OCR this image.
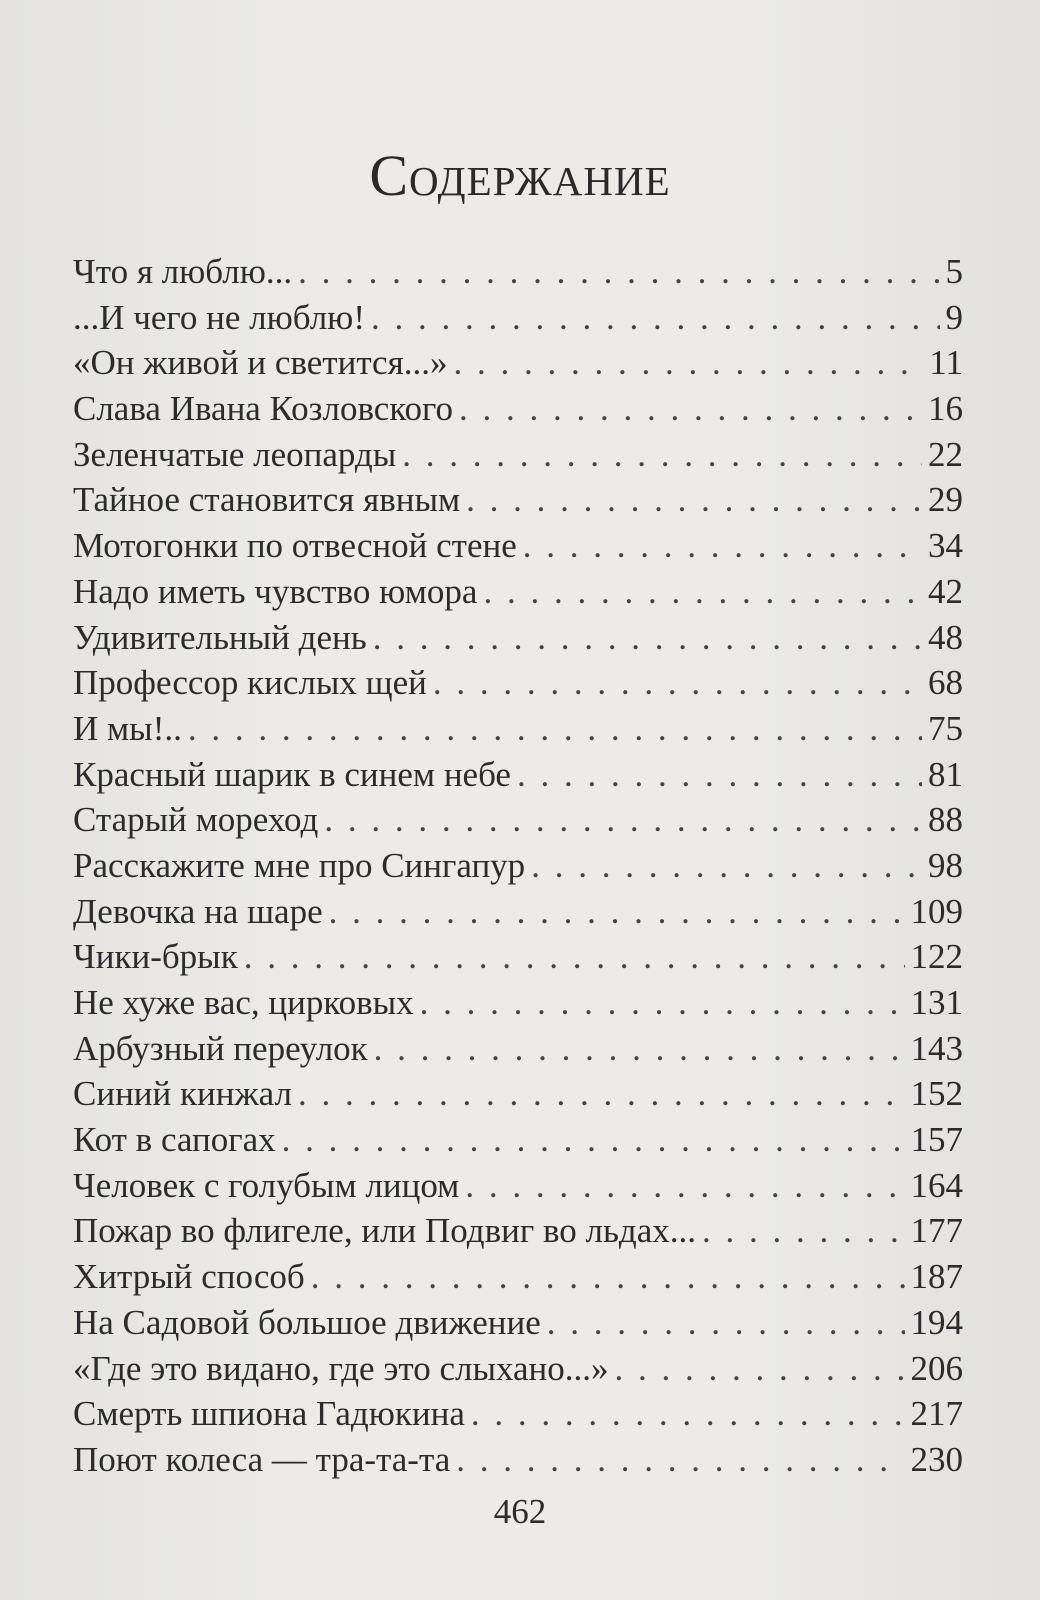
Содержание
Что я люблю... . . .	5
...И чего не люблю! . . .	9
«Он живой и светится...» . . .	11
Слава Ивана Козловского . . .	16
Зеленчатые леопарды . . .	22
Тайное становится явным . . .	29
Мотогонки по отвесной стене . . .	34
Надо иметь чувство юмора . . .	42
Удивительный день . . .	48
Профессор кислых щей . . .	68
И мы!.. . . .	75
Красный шарик в синем небе . . .	81
Старый мореход . . .	88
Расскажите мне про Сингапур . . .	98
Девочка на шаре . . .	109
Чики-брык . . .	122
Не хуже вас, цирковых . . .	131
Арбузный переулок . . .	143
Синий кинжал . . .	152
Кот в сапогах . . .	157
Человек с голубым лицом . . .	164
Пожар во флигеле, или Подвиг во льдах... . . .	177
Хитрый способ . . .	187
На Садовой большое движение . . .	194
«Где это видано, где это слыхано...» . . .	206
Смерть шпиона Гадюкина . . .	217
Поют колеса — тра-та-та . . .	230
462
